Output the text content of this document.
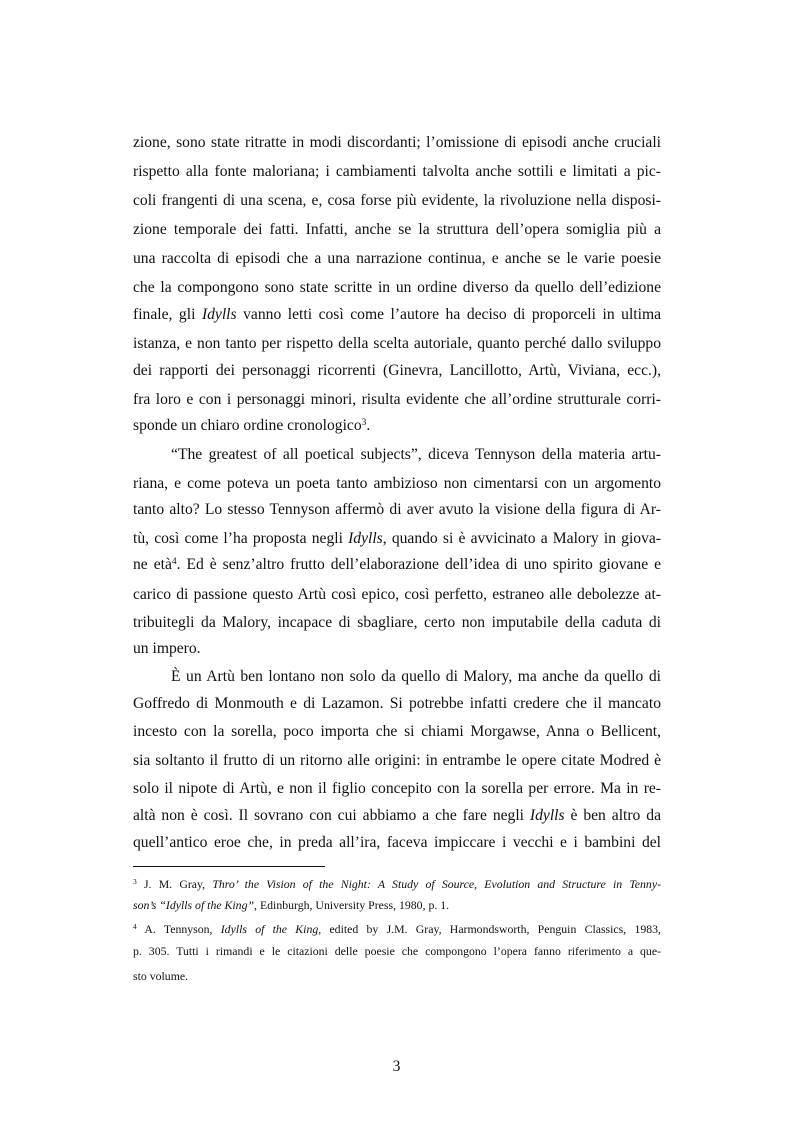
zione, sono state ritratte in modi discordanti; l’omissione di episodi anche cruciali
rispetto alla fonte maloriana; i cambiamenti talvolta anche sottili e limitati a pic-
coli frangenti di una scena, e, cosa forse più evidente, la rivoluzione nella disposi-
zione temporale dei fatti. Infatti, anche se la struttura dell’opera somiglia più a
una raccolta di episodi che a una narrazione continua, e anche se le varie poesie
che la compongono sono state scritte in un ordine diverso da quello dell’edizione
finale, gli Idylls vanno letti così come l’autore ha deciso di proporceli in ultima
istanza, e non tanto per rispetto della scelta autoriale, quanto perché dallo sviluppo
dei rapporti dei personaggi ricorrenti (Ginevra, Lancillotto, Artù, Viviana, ecc.),
fra loro e con i personaggi minori, risulta evidente che all’ordine strutturale corri-
sponde un chiaro ordine cronologico$^3$.
“The greatest of all poetical subjects”, diceva Tennyson della materia artu-
riana, e come poteva un poeta tanto ambizioso non cimentarsi con un argomento
tanto alto? Lo stesso Tennyson affermò di aver avuto la visione della figura di Ar-
tù, così come l’ha proposta negli Idylls, quando si è avvicinato a Malory in giova-
ne età$^4$. Ed è senz’altro frutto dell’elaborazione dell’idea di uno spirito giovane e
carico di passione questo Artù così epico, così perfetto, estraneo alle debolezze at-
tribuitegli da Malory, incapace di sbagliare, certo non imputabile della caduta di
un impero.
È un Artù ben lontano non solo da quello di Malory, ma anche da quello di
Goffredo di Monmouth e di Lazamon. Si potrebbe infatti credere che il mancato
incesto con la sorella, poco importa che si chiami Morgawse, Anna o Bellicent,
sia soltanto il frutto di un ritorno alle origini: in entrambe le opere citate Modred è
solo il nipote di Artù, e non il figlio concepito con la sorella per errore. Ma in re-
altà non è così. Il sovrano con cui abbiamo a che fare negli Idylls è ben altro da
quell’antico eroe che, in preda all’ira, faceva impiccare i vecchi e i bambini del
$^3$ J. M. Gray, Thro’ the Vision of the Night: A Study of Source, Evolution and Structure in Tenny-
son’s “Idylls of the King”, Edinburgh, University Press, 1980, p. 1.
$^4$ A. Tennyson, Idylls of the King, edited by J.M. Gray, Harmondsworth, Penguin Classics, 1983,
p. 305. Tutti i rimandi e le citazioni delle poesie che compongono l’opera fanno riferimento a que-
sto volume.
3
